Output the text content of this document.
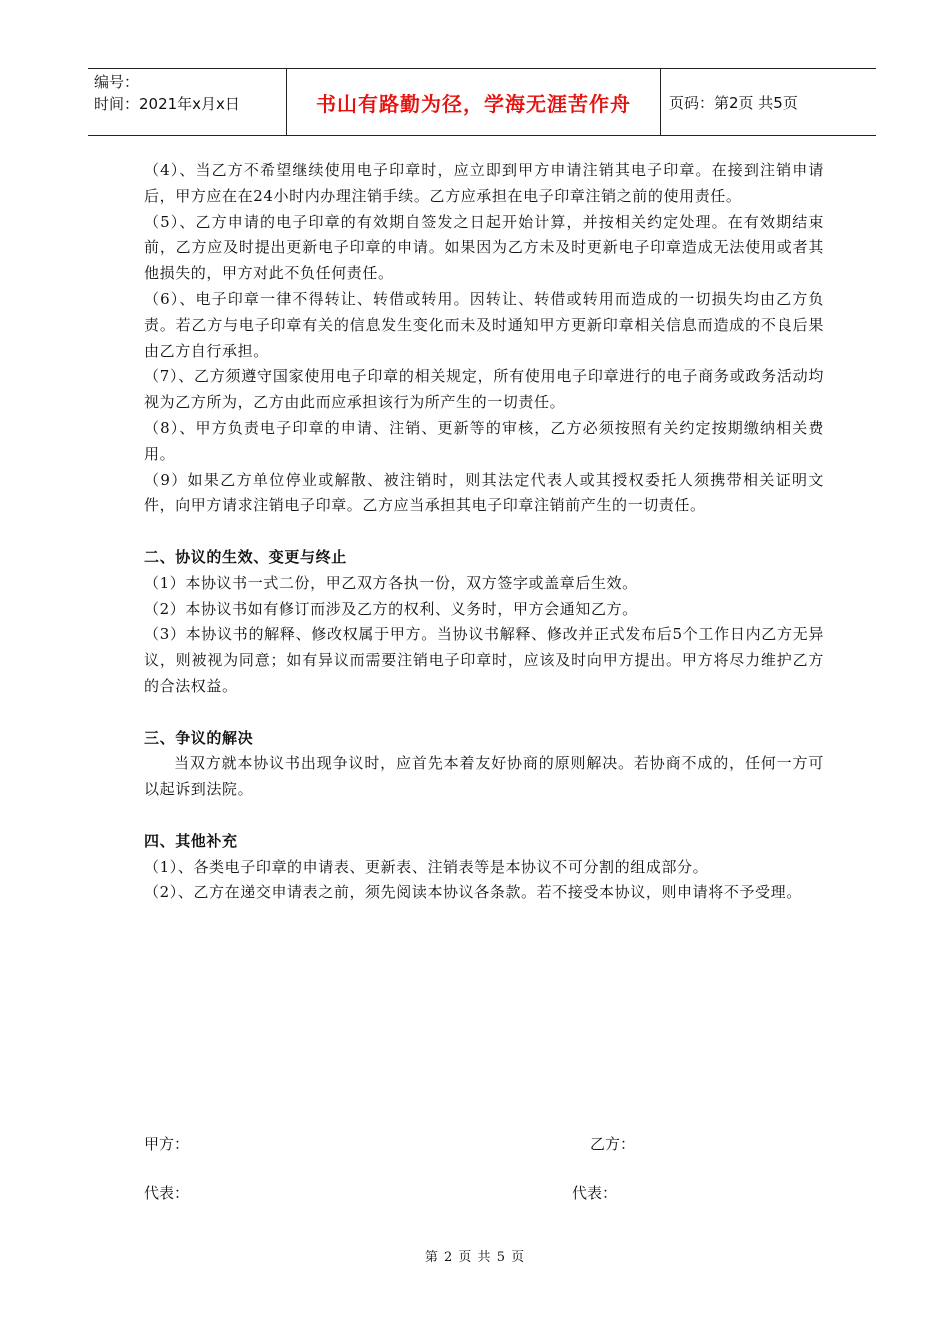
编号：
时间：2021年x月x日	书山有路勤为径，学海无涯苦作舟	页码：第2页 共5页

（4）、当乙方不希望继续使用电子印章时，应立即到甲方申请注销其电子印章。在接到注销申请后，甲方应在在24小时内办理注销手续。乙方应承担在电子印章注销之前的使用责任。

（5）、乙方申请的电子印章的有效期自签发之日起开始计算，并按相关约定处理。在有效期结束前，乙方应及时提出更新电子印章的申请。如果因为乙方未及时更新电子印章造成无法使用或者其他损失的，甲方对此不负任何责任。

（6）、电子印章一律不得转让、转借或转用。因转让、转借或转用而造成的一切损失均由乙方负责。若乙方与电子印章有关的信息发生变化而未及时通知甲方更新印章相关信息而造成的不良后果由乙方自行承担。

（7）、乙方须遵守国家使用电子印章的相关规定，所有使用电子印章进行的电子商务或政务活动均视为乙方所为，乙方由此而应承担该行为所产生的一切责任。

（8）、甲方负责电子印章的申请、注销、更新等的审核，乙方必须按照有关约定按期缴纳相关费用。

（9）如果乙方单位停业或解散、被注销时，则其法定代表人或其授权委托人须携带相关证明文件，向甲方请求注销电子印章。乙方应当承担其电子印章注销前产生的一切责任。

二、协议的生效、变更与终止

（1）本协议书一式二份，甲乙双方各执一份，双方签字或盖章后生效。

（2）本协议书如有修订而涉及乙方的权利、义务时，甲方会通知乙方。

（3）本协议书的解释、修改权属于甲方。当协议书解释、修改并正式发布后5个工作日内乙方无异议，则被视为同意；如有异议而需要注销电子印章时，应该及时向甲方提出。甲方将尽力维护乙方的合法权益。

三、争议的解决

当双方就本协议书出现争议时，应首先本着友好协商的原则解决。若协商不成的，任何一方可以起诉到法院。

四、其他补充

（1）、各类电子印章的申请表、更新表、注销表等是本协议不可分割的组成部分。

（2）、乙方在递交申请表之前，须先阅读本协议各条款。若不接受本协议，则申请将不予受理。

甲方：	乙方：
代表：	代表：
第 2 页 共 5 页
